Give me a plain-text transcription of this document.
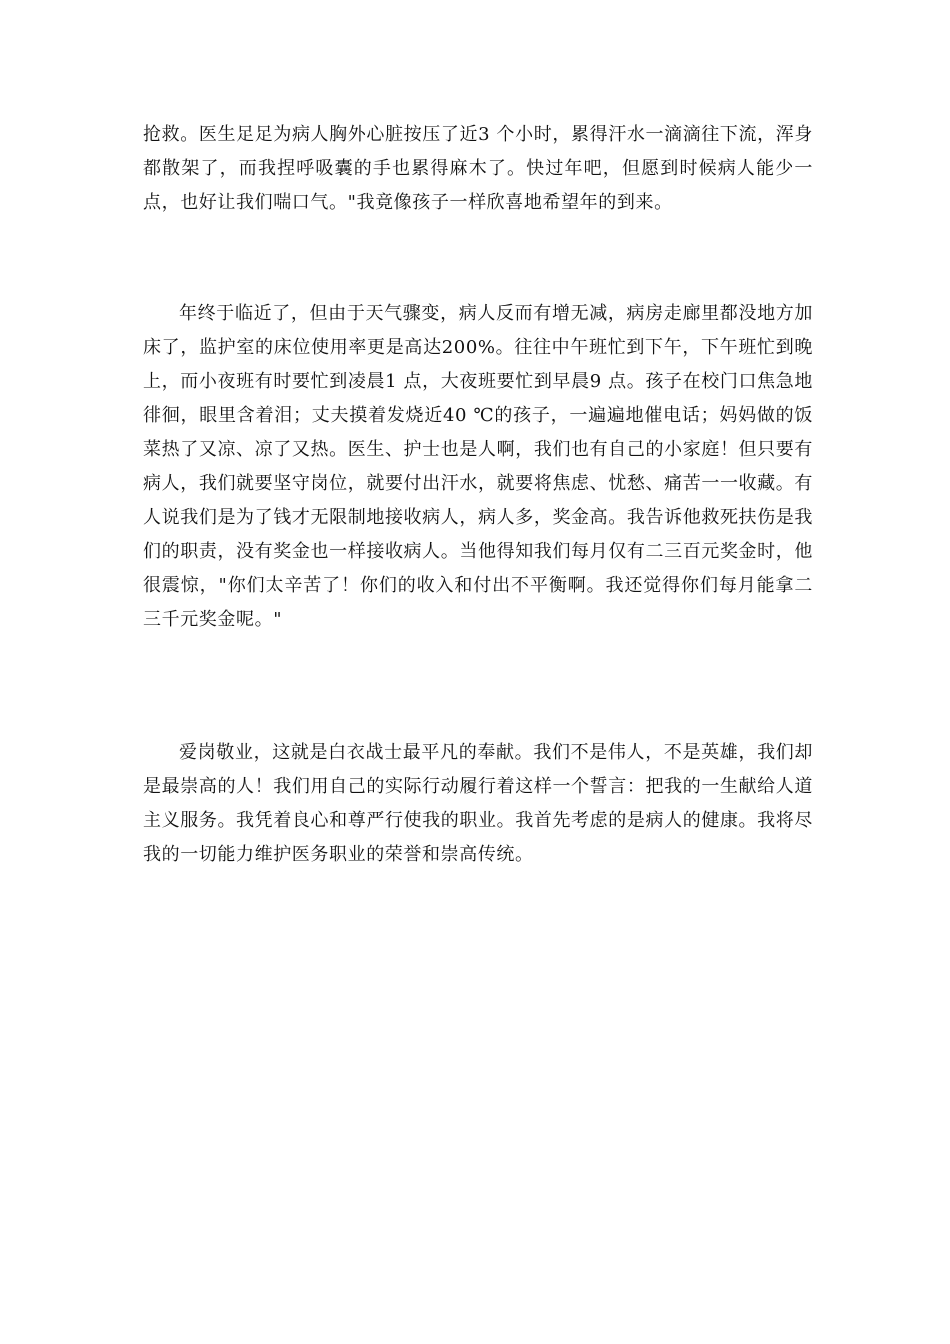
抢救。医生足足为病人胸外心脏按压了近3 个小时，累得汗水一滴滴往下流，浑身都散架了，而我捏呼吸囊的手也累得麻木了。快过年吧，但愿到时候病人能少一点，也好让我们喘口气。"我竟像孩子一样欣喜地希望年的到来。

年终于临近了，但由于天气骤变，病人反而有增无减，病房走廊里都没地方加床了，监护室的床位使用率更是高达200%。往往中午班忙到下午，下午班忙到晚上，而小夜班有时要忙到凌晨1 点，大夜班要忙到早晨9 点。孩子在校门口焦急地徘徊，眼里含着泪；丈夫摸着发烧近40 ℃的孩子，一遍遍地催电话；妈妈做的饭菜热了又凉、凉了又热。医生、护士也是人啊，我们也有自己的小家庭！但只要有病人，我们就要坚守岗位，就要付出汗水，就要将焦虑、忧愁、痛苦一一收藏。有人说我们是为了钱才无限制地接收病人，病人多，奖金高。我告诉他救死扶伤是我们的职责，没有奖金也一样接收病人。当他得知我们每月仅有二三百元奖金时，他很震惊，"你们太辛苦了！你们的收入和付出不平衡啊。我还觉得你们每月能拿二三千元奖金呢。"

爱岗敬业，这就是白衣战士最平凡的奉献。我们不是伟人，不是英雄，我们却是最崇高的人！我们用自己的实际行动履行着这样一个誓言：把我的一生献给人道主义服务。我凭着良心和尊严行使我的职业。我首先考虑的是病人的健康。我将尽我的一切能力维护医务职业的荣誉和崇高传统。
